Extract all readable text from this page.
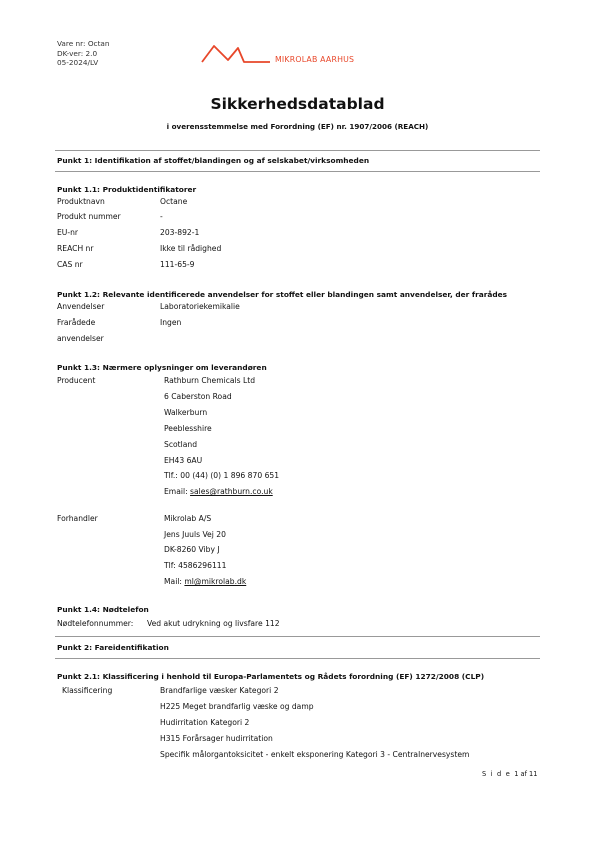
Vare nr: Octan
DK-ver: 2.0
05-2024/LV	MIKROLAB AARHUS
Sikkerhedsdatablad
i overensstemmelse med Forordning (EF) nr. 1907/2006 (REACH)
Punkt 1: Identifikation af stoffet/blandingen og af selskabet/virksomheden
Punkt 1.1: Produktidentifikatorer
Produktnavn	Octane
Produkt nummer	-
EU-nr	203-892-1
REACH nr	Ikke til rådighed
CAS nr	111-65-9
Punkt 1.2: Relevante identificerede anvendelser for stoffet eller blandingen samt anvendelser, der frarådes
Anvendelser	Laboratoriekemikalie
Frarådede	Ingen
anvendelser
Punkt 1.3: Nærmere oplysninger om leverandøren
Producent	Rathburn Chemicals Ltd
6 Caberston Road
Walkerburn
Peeblesshire
Scotland
EH43 6AU
Tlf.: 00 (44) (0) 1 896 870 651
Email: sales@rathburn.co.uk
Forhandler	Mikrolab A/S
Jens Juuls Vej 20
DK-8260 Viby J
Tlf: 4586296111
Mail: ml@mikrolab.dk
Punkt 1.4: Nødtelefon
Nødtelefonnummer: Ved akut udrykning og livsfare 112
Punkt 2: Fareidentifikation
Punkt 2.1: Klassificering i henhold til Europa-Parlamentets og Rådets forordning (EF) 1272/2008 (CLP)
Klassificering	Brandfarlige væsker Kategori 2
H225 Meget brandfarlig væske og damp
Hudirritation Kategori 2
H315 Forårsager hudirritation
Specifik målorgantoksicitet - enkelt eksponering Kategori 3 - Centralnervesystem
S i d e 1 af 11
